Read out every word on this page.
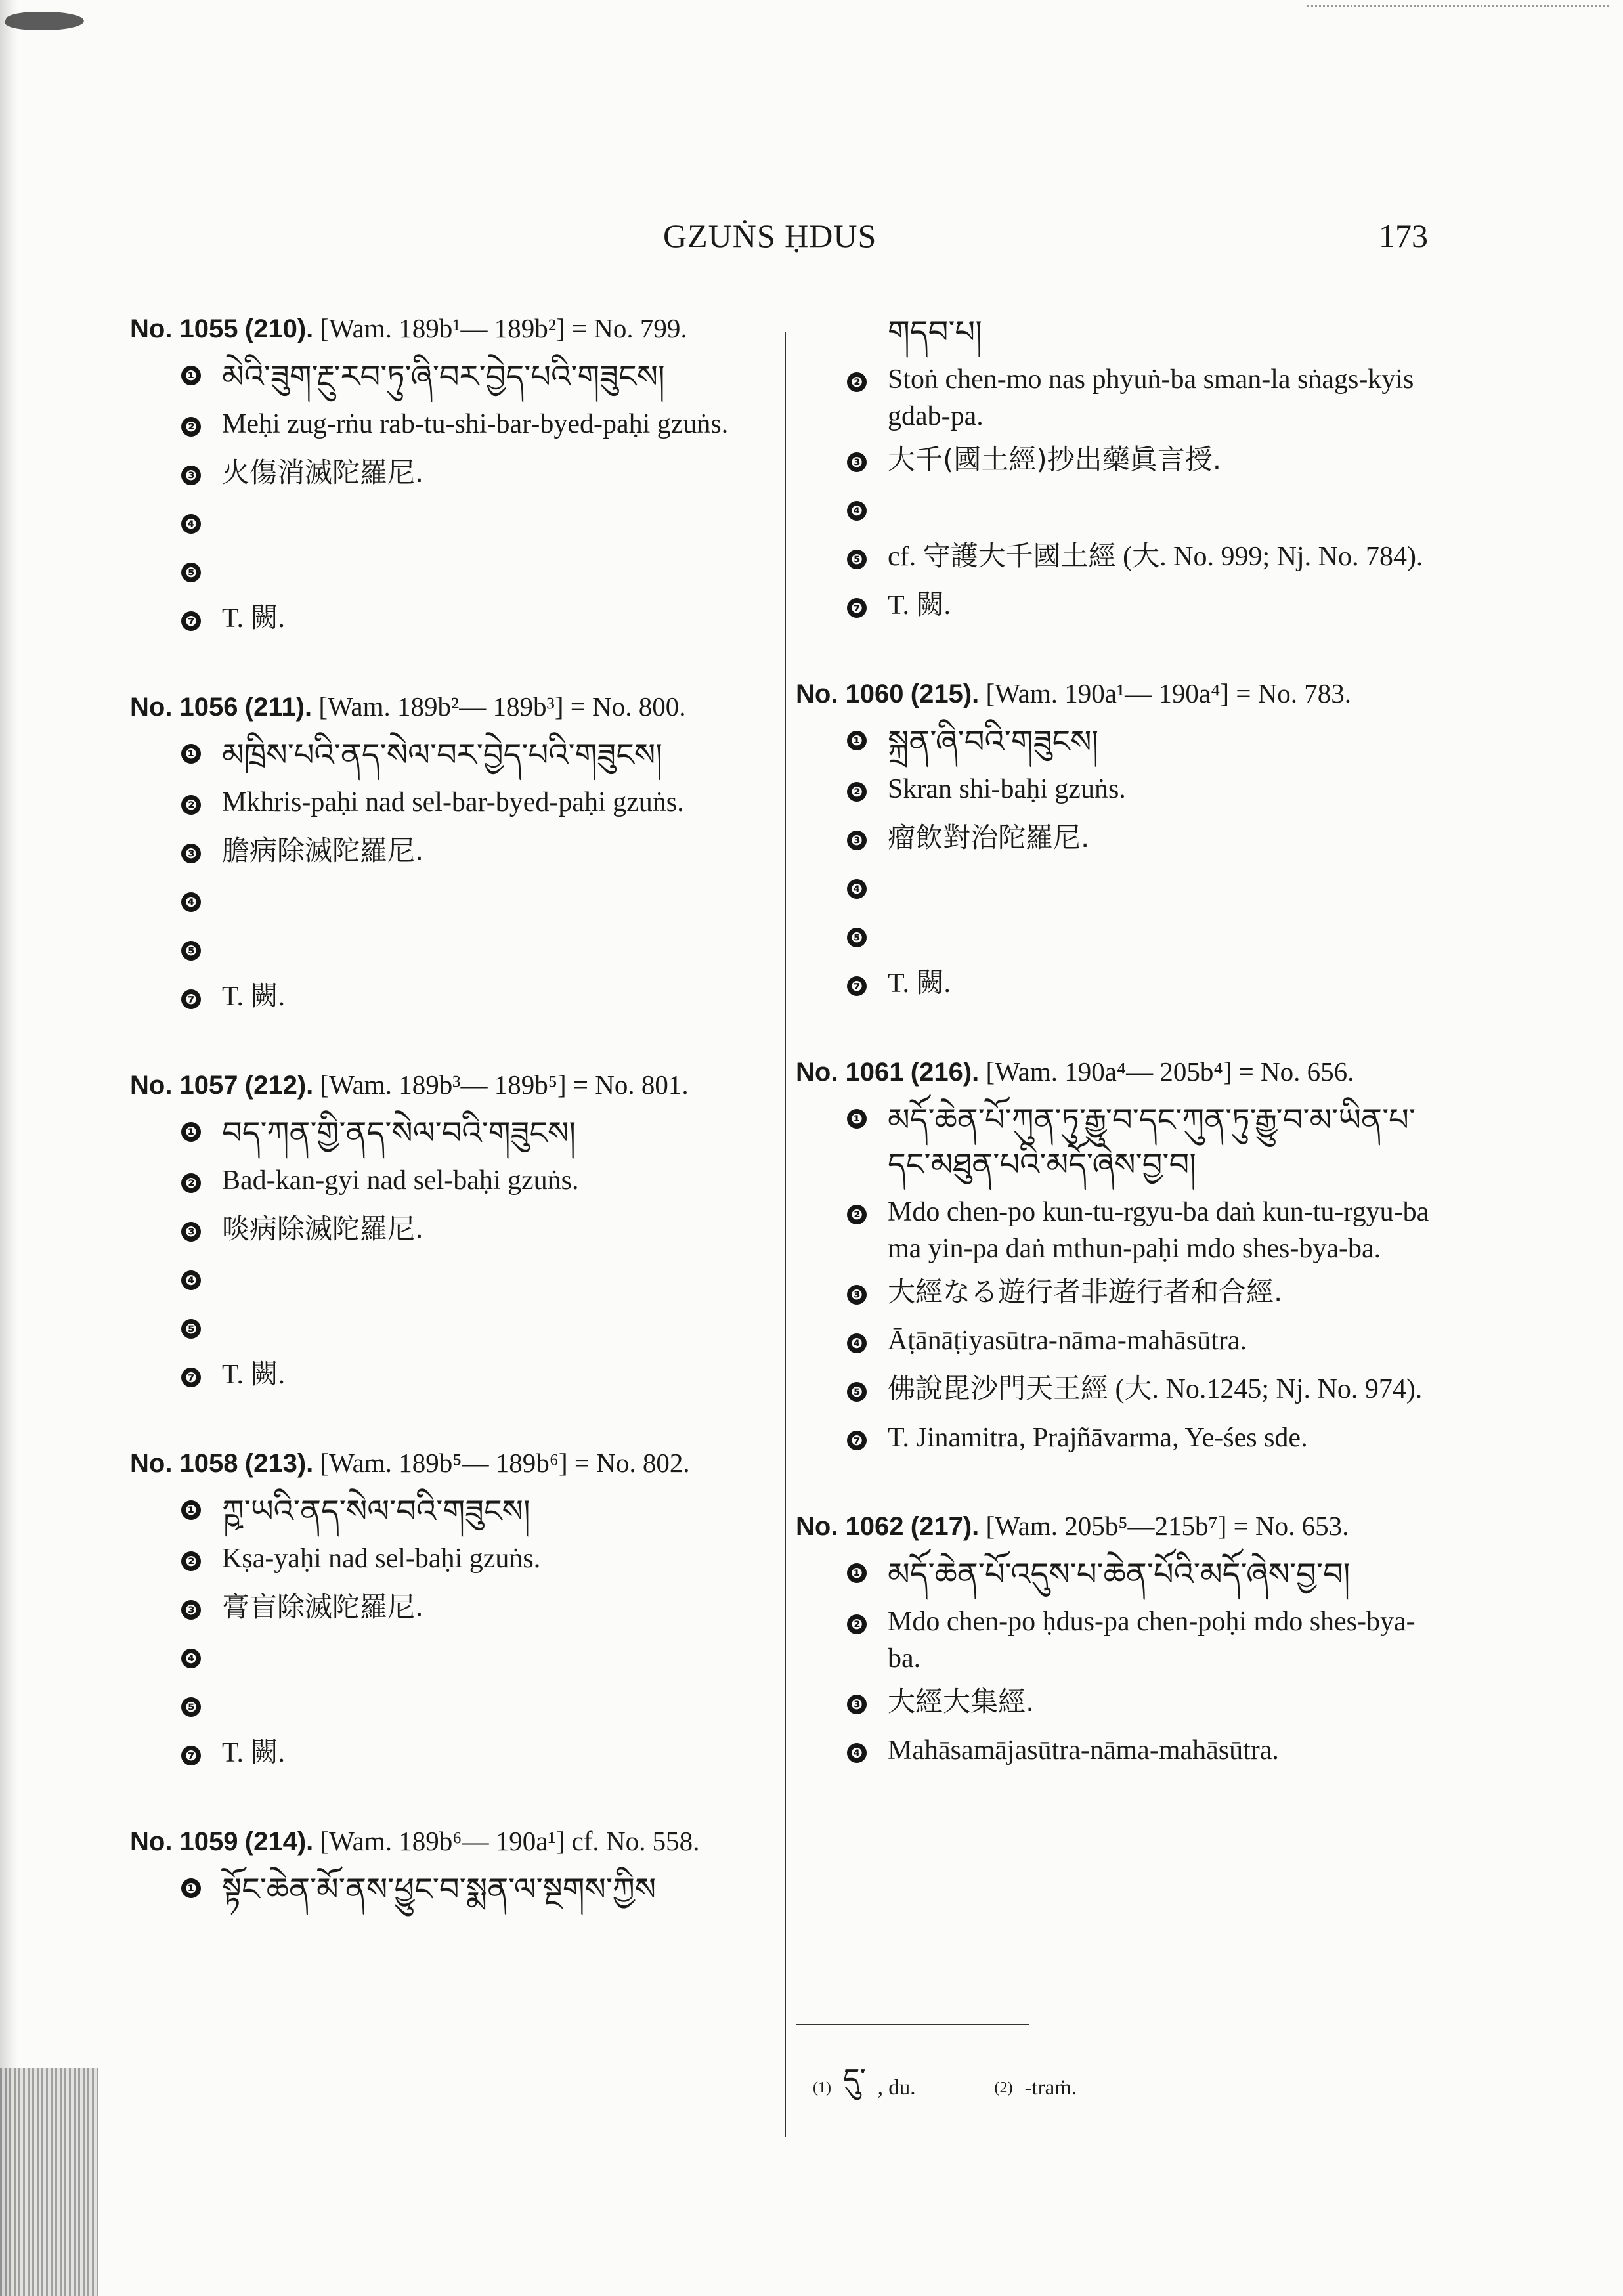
GZUṄS ḤDUS	173
No. 1055 (210). [Wam. 189b¹— 189b²] = No. 799.
❶ མེའི་ཟུག་རྔུ་རབ་ཏུ་ཞི་བར་བྱེད་པའི་གཟུངས།
❷ Meḥi zug-rṅu rab-tu-shi-bar-byed-paḥi gzuṅs.
❸ 火傷消滅陀羅尼.
❹
❺
❼ T. 闕.
No. 1056 (211). [Wam. 189b²— 189b³] = No. 800.
❶ མཁྲིས་པའི་ནད་སེལ་བར་བྱེད་པའི་གཟུངས།
❷ Mkhris-paḥi nad sel-bar-byed-paḥi gzuṅs.
❸ 膽病除滅陀羅尼.
❹
❺
❼ T. 闕.
No. 1057 (212). [Wam. 189b³— 189b⁵] = No. 801.
❶ བད་ཀན་གྱི་ནད་སེལ་བའི་གཟུངས།
❷ Bad-kan-gyi nad sel-baḥi gzuṅs.
❸ 啖病除滅陀羅尼.
❹
❺
❼ T. 闕.
No. 1058 (213). [Wam. 189b⁵— 189b⁶] = No. 802.
❶ ཀྵ་ཡའི་ནད་སེལ་བའི་གཟུངས།
❷ Kṣa-yaḥi nad sel-baḥi gzuṅs.
❸ 膏盲除滅陀羅尼.
❹
❺
❼ T. 闕.
No. 1059 (214). [Wam. 189b⁶— 190a¹] cf. No. 558.
❶ སྟོང་ཆེན་མོ་ནས་ཕྱུང་བ་སྨན་ལ་སྔགས་ཀྱིས
གདབ་པ།
❷ Stoṅ chen-mo nas phyuṅ-ba sman-la sṅags-kyis gdab-pa.
❸ 大千(國土經)抄出藥眞言授.
❹
❺ cf. 守護大千國土經 (大. No. 999; Nj. No. 784).
❼ T. 闕.
No. 1060 (215). [Wam. 190a¹— 190a⁴] = No. 783.
❶ སྐྲན་ཞི་བའི་གཟུངས།
❷ Skran shi-baḥi gzuṅs.
❸ 瘤飲對治陀羅尼.
❹
❺
❼ T. 闕.
No. 1061 (216). [Wam. 190a⁴— 205b⁴] = No. 656.
❶ མདོ་ཆེན་པོ་ཀུན་ཏུ་རྒྱུ་བ་དང་ཀུན་ཏུ་རྒྱུ་བ་མ་ཡིན་པ་དང་མཐུན་པའི་མདོ་ཞེས་བྱ་བ།
❷ Mdo chen-po kun-tu-rgyu-ba daṅ kun-tu-rgyu-ba ma yin-pa daṅ mthun-paḥi mdo shes-bya-ba.
❸ 大經なる遊行者非遊行者和合經.
❹ Āṭānāṭiyasūtra-nāma-mahāsūtra.
❺ 佛說毘沙門天王經 (大. No.1245; Nj. No. 974).
❼ T. Jinamitra, Prajñāvarma, Ye-śes sde.
No. 1062 (217). [Wam. 205b⁵—215b⁷] = No. 653.
❶ མདོ་ཆེན་པོ་འདུས་པ་ཆེན་པོའི་མདོ་ཞེས་བྱ་བ།
❷ Mdo chen-po ḥdus-pa chen-poḥi mdo shes-bya-ba.
❸ 大經大集經.
❹ Mahāsamājasūtra-nāma-mahāsūtra.
(1) དུ་ , du.	(2) -traṁ.
